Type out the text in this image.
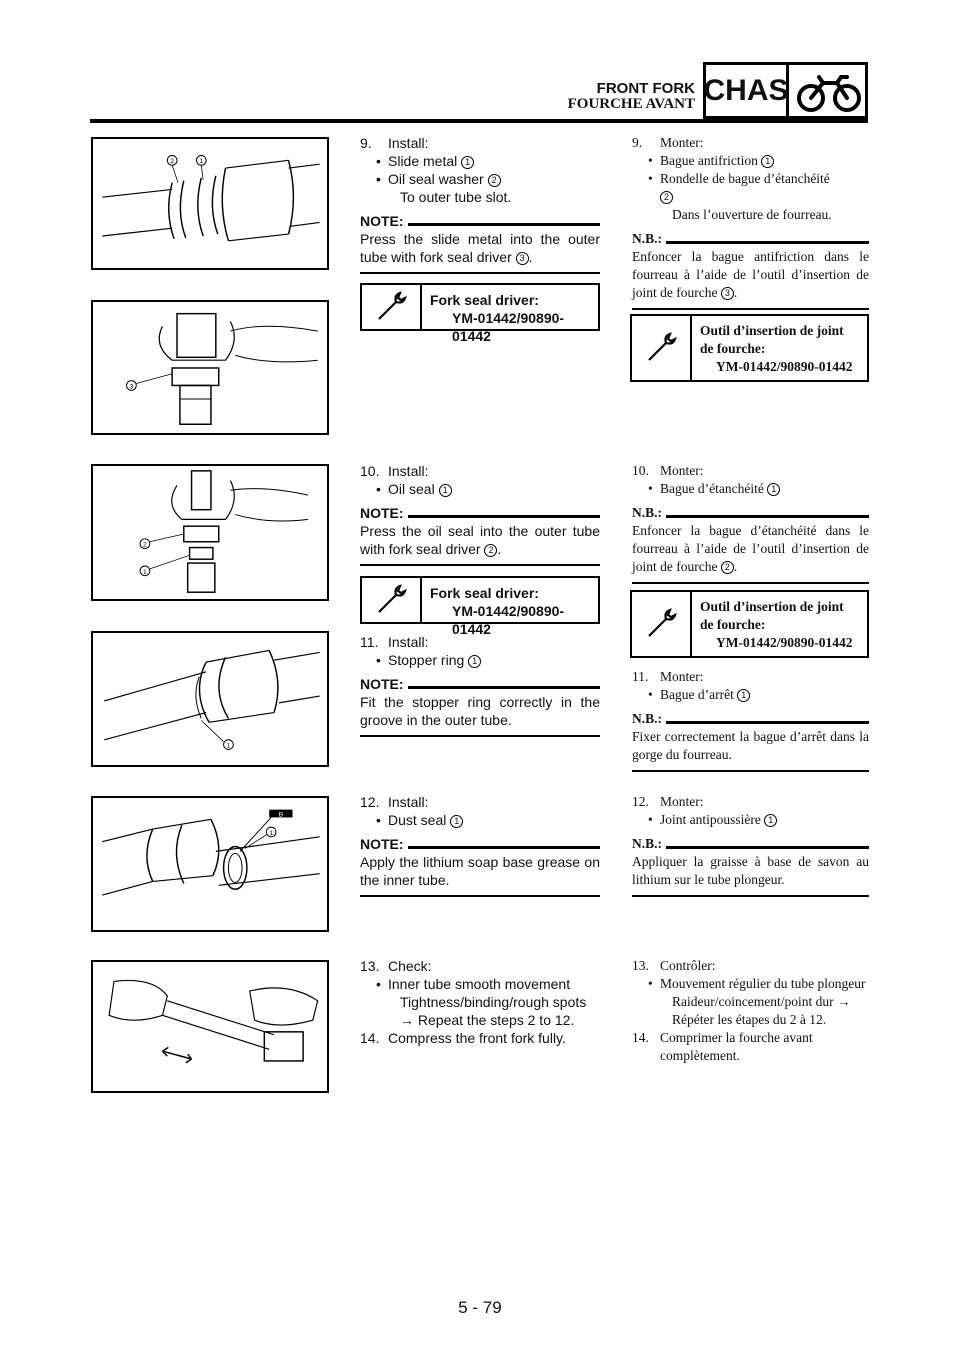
FRONT FORK
FOURCHE AVANT CHAS
2	1
3
2
1
1
B
1
9. Install:
• Slide metal 1
• Oil seal washer 2
To outer tube slot.
NOTE:
Press the slide metal into the outer tube with fork seal driver 3 .
Fork seal driver:
YM-01442/90890-01442
10. Install:
• Oil seal 1
NOTE:
Press the oil seal into the outer tube with fork seal driver 2 .
Fork seal driver:
YM-01442/90890-01442
11. Install:
• Stopper ring 1
NOTE:
Fit the stopper ring correctly in the groove in the outer tube.
12. Install:
• Dust seal 1
NOTE:
Apply the lithium soap base grease on the inner tube.
13. Check:
• Inner tube smooth movement
Tightness/binding/rough spots
→ Repeat the steps 2 to 12.
14. Compress the front fork fully.
9. Monter:
• Bague antifriction 1
• Rondelle de bague d’étanchéité
2
Dans l’ouverture de fourreau.
N.B.:
Enfoncer la bague antifriction dans le fourreau à l’aide de l’outil d’insertion de joint de fourche 3 .
Outil d’insertion de joint de fourche:
YM-01442/90890-01442
10. Monter:
• Bague d’étanchéité 1
N.B.:
Enfoncer la bague d’étanchéité dans le fourreau à l’aide de l’outil d’insertion de joint de fourche 2 .
Outil d’insertion de joint de fourche:
YM-01442/90890-01442
11. Monter:
• Bague d’arrêt 1
N.B.:
Fixer correctement la bague d’arrêt dans la gorge du fourreau.
12. Monter:
• Joint antipoussière 1
N.B.:
Appliquer la graisse à base de savon au lithium sur le tube plongeur.
13. Contrôler:
• Mouvement régulier du tube plongeur
Raideur/coincement/point dur →
Répéter les étapes du 2 à 12.
14. Comprimer la fourche avant complètement.
5 - 79
